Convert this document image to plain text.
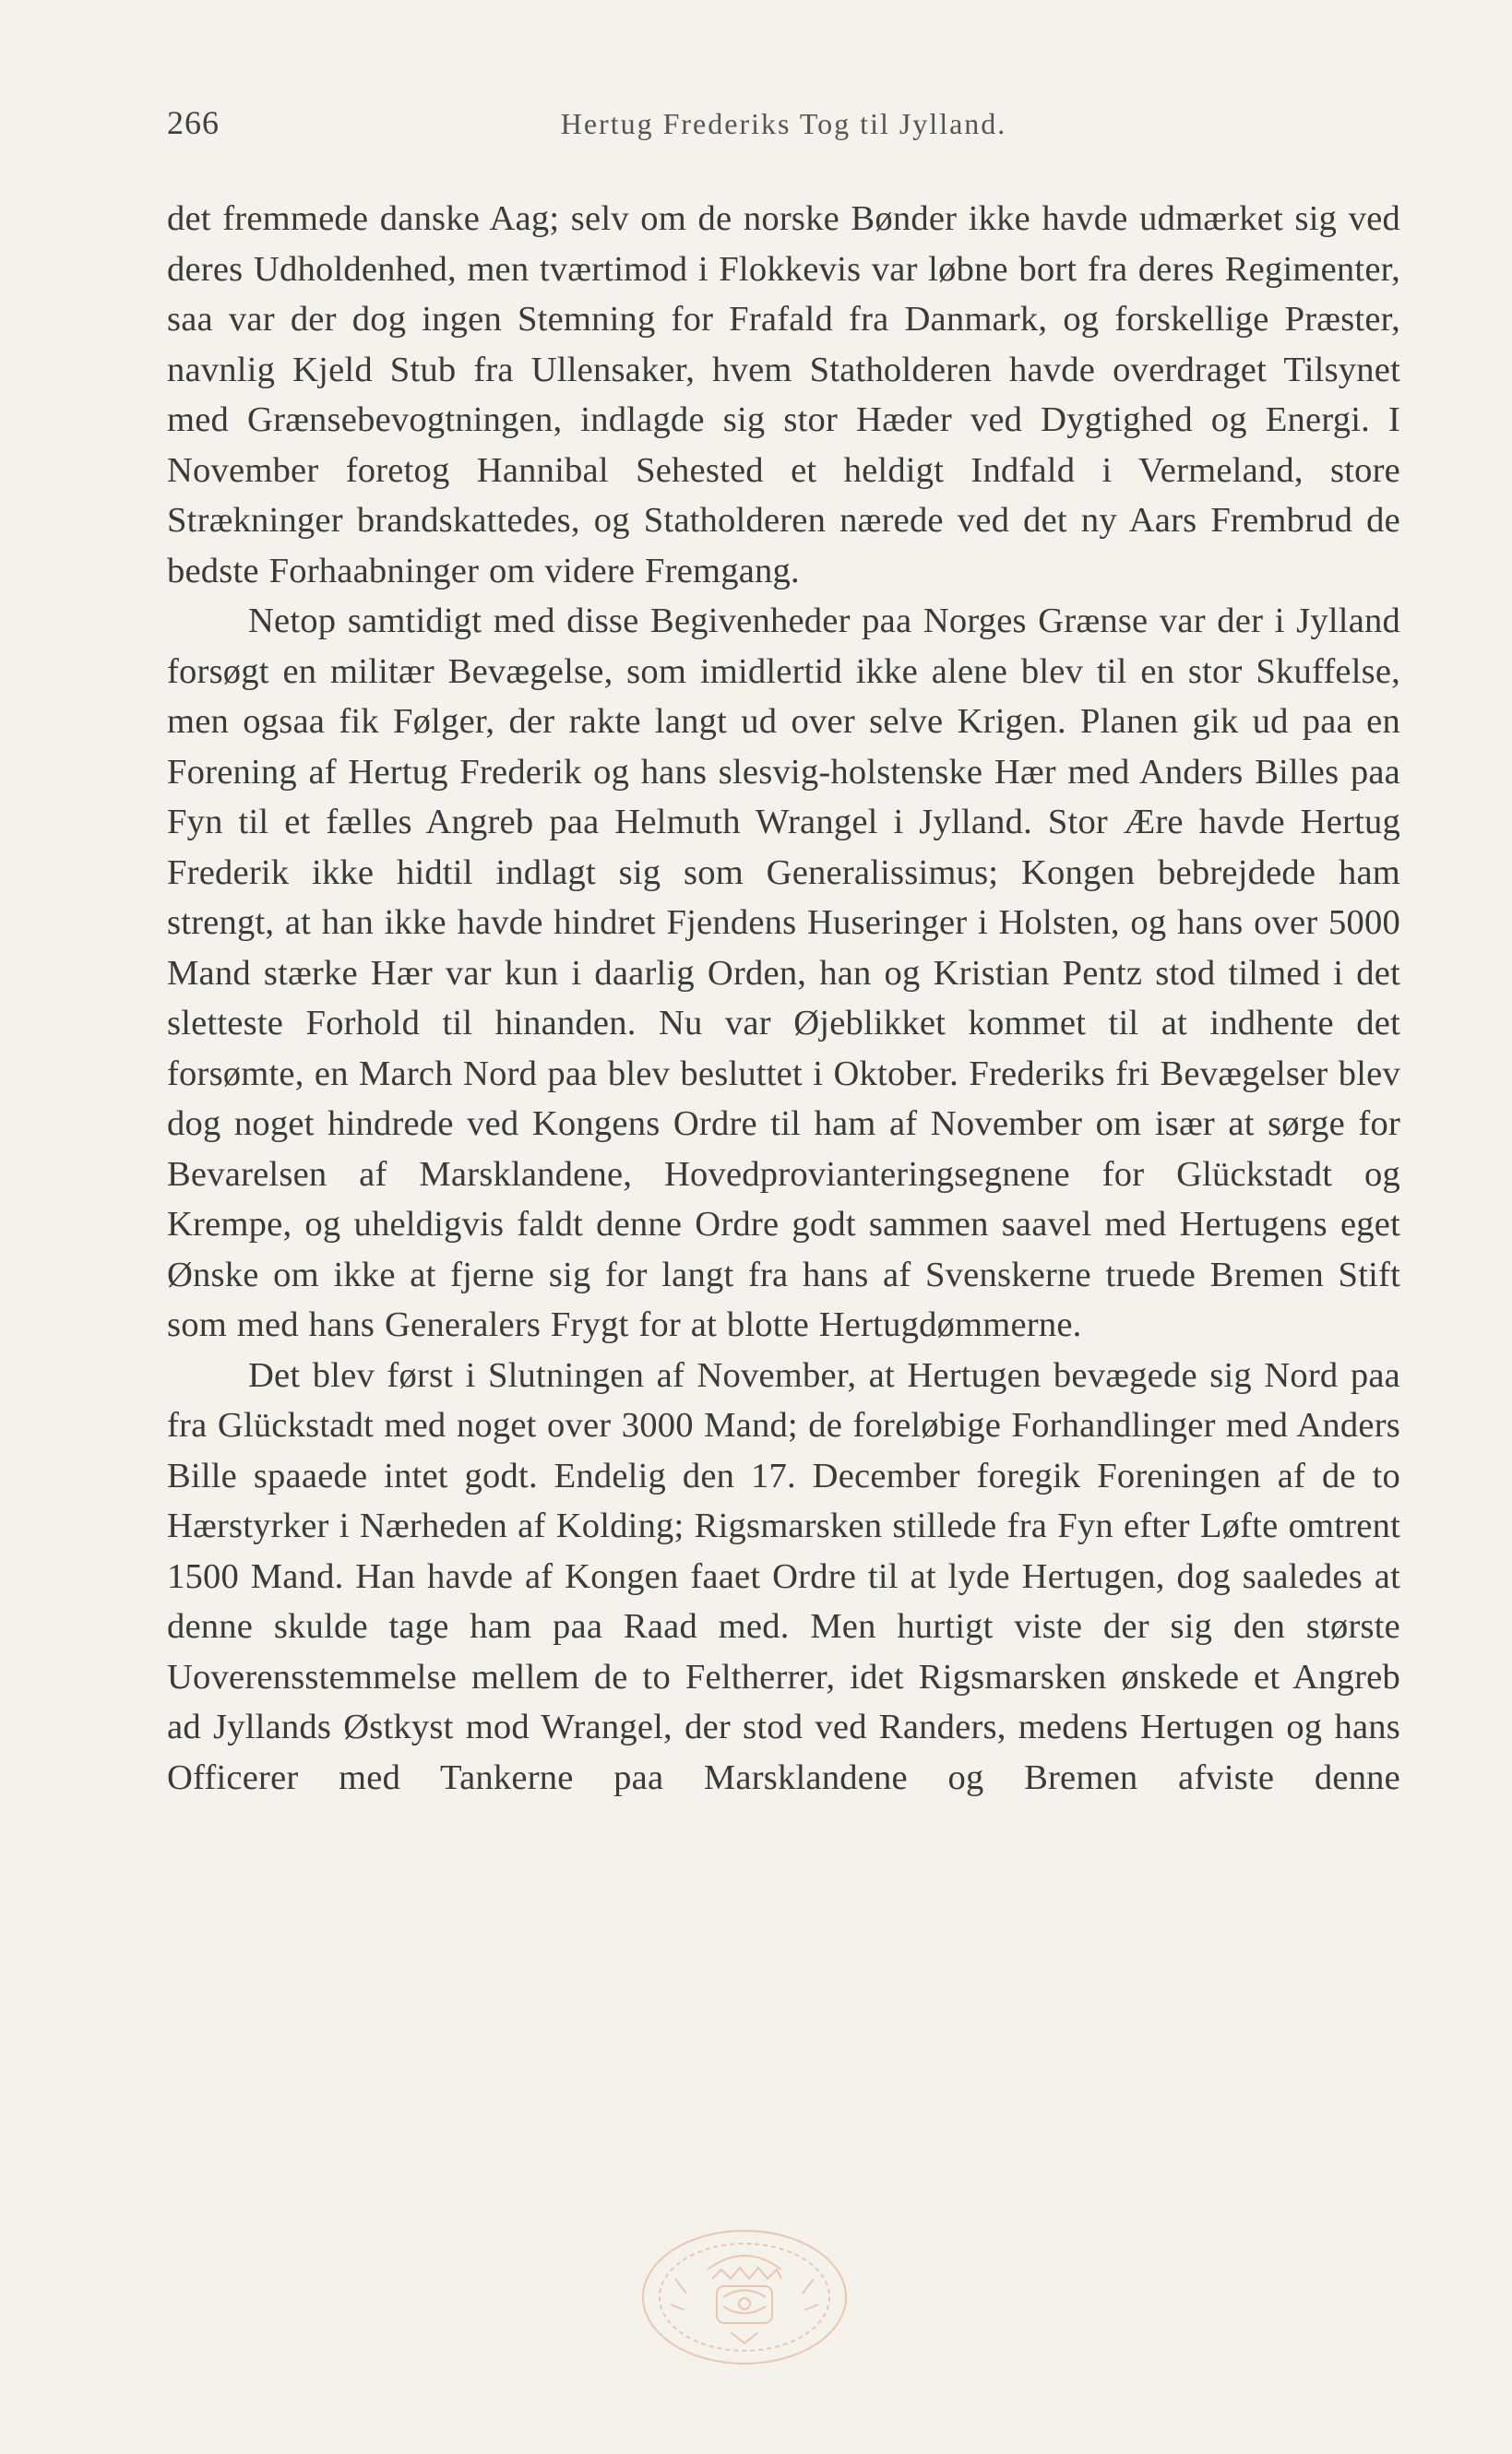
266	Hertug Frederiks Tog til Jylland.

det fremmede danske Aag; selv om de norske Bønder ikke havde udmærket sig ved deres Udholdenhed, men tværtimod i Flokkevis var løbne bort fra deres Regimenter, saa var der dog ingen Stemning for Frafald fra Danmark, og forskellige Præster, navnlig Kjeld Stub fra Ullensaker, hvem Statholderen havde overdraget Tilsynet med Grænsebevogtningen, indlagde sig stor Hæder ved Dygtighed og Energi. I November foretog Hannibal Sehested et heldigt Indfald i Vermeland, store Strækninger brandskattedes, og Statholderen nærede ved det ny Aars Frembrud de bedste Forhaabninger om videre Fremgang.

Netop samtidigt med disse Begivenheder paa Norges Grænse var der i Jylland forsøgt en militær Bevægelse, som imidlertid ikke alene blev til en stor Skuffelse, men ogsaa fik Følger, der rakte langt ud over selve Krigen. Planen gik ud paa en Forening af Hertug Frederik og hans slesvig-holstenske Hær med Anders Billes paa Fyn til et fælles Angreb paa Helmuth Wrangel i Jylland. Stor Ære havde Hertug Frederik ikke hidtil indlagt sig som Generalissimus; Kongen bebrejdede ham strengt, at han ikke havde hindret Fjendens Huseringer i Holsten, og hans over 5000 Mand stærke Hær var kun i daarlig Orden, han og Kristian Pentz stod tilmed i det sletteste Forhold til hinanden. Nu var Øjeblikket kommet til at indhente det forsømte, en March Nord paa blev besluttet i Oktober. Frederiks fri Bevægelser blev dog noget hindrede ved Kongens Ordre til ham af November om især at sørge for Bevarelsen af Marsklandene, Hovedprovianteringsegnene for Glückstadt og Krempe, og uheldigvis faldt denne Ordre godt sammen saavel med Hertugens eget Ønske om ikke at fjerne sig for langt fra hans af Svenskerne truede Bremen Stift som med hans Generalers Frygt for at blotte Hertugdømmerne.

Det blev først i Slutningen af November, at Hertugen bevægede sig Nord paa fra Glückstadt med noget over 3000 Mand; de foreløbige Forhandlinger med Anders Bille spaaede intet godt. Endelig den 17. December foregik Foreningen af de to Hærstyrker i Nærheden af Kolding; Rigsmarsken stillede fra Fyn efter Løfte omtrent 1500 Mand. Han havde af Kongen faaet Ordre til at lyde Hertugen, dog saaledes at denne skulde tage ham paa Raad med. Men hurtigt viste der sig den største Uoverensstemmelse mellem de to Feltherrer, idet Rigsmarsken ønskede et Angreb ad Jyllands Østkyst mod Wrangel, der stod ved Randers, medens Hertugen og hans Officerer med Tankerne paa Marsklandene og Bremen afviste denne
